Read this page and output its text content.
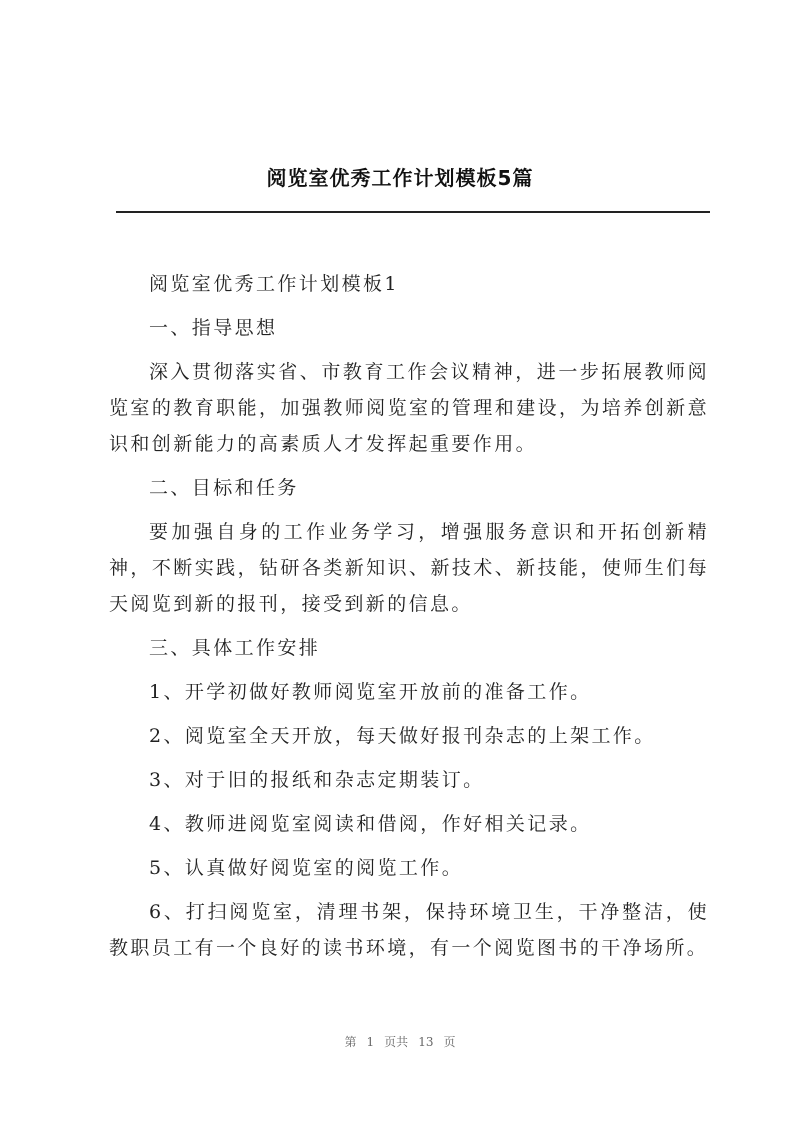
阅览室优秀工作计划模板5篇

阅览室优秀工作计划模板1

一、指导思想

深入贯彻落实省、市教育工作会议精神，进一步拓展教师阅览室的教育职能，加强教师阅览室的管理和建设，为培养创新意识和创新能力的高素质人才发挥起重要作用。

二、目标和任务

要加强自身的工作业务学习，增强服务意识和开拓创新精神，不断实践，钻研各类新知识、新技术、新技能，使师生们每天阅览到新的报刊，接受到新的信息。

三、具体工作安排

1、开学初做好教师阅览室开放前的准备工作。

2、阅览室全天开放，每天做好报刊杂志的上架工作。

3、对于旧的报纸和杂志定期装订。

4、教师进阅览室阅读和借阅，作好相关记录。

5、认真做好阅览室的阅览工作。

6、打扫阅览室，清理书架，保持环境卫生，干净整洁，使教职员工有一个良好的读书环境，有一个阅览图书的干净场所。

第 1 页共 13 页
